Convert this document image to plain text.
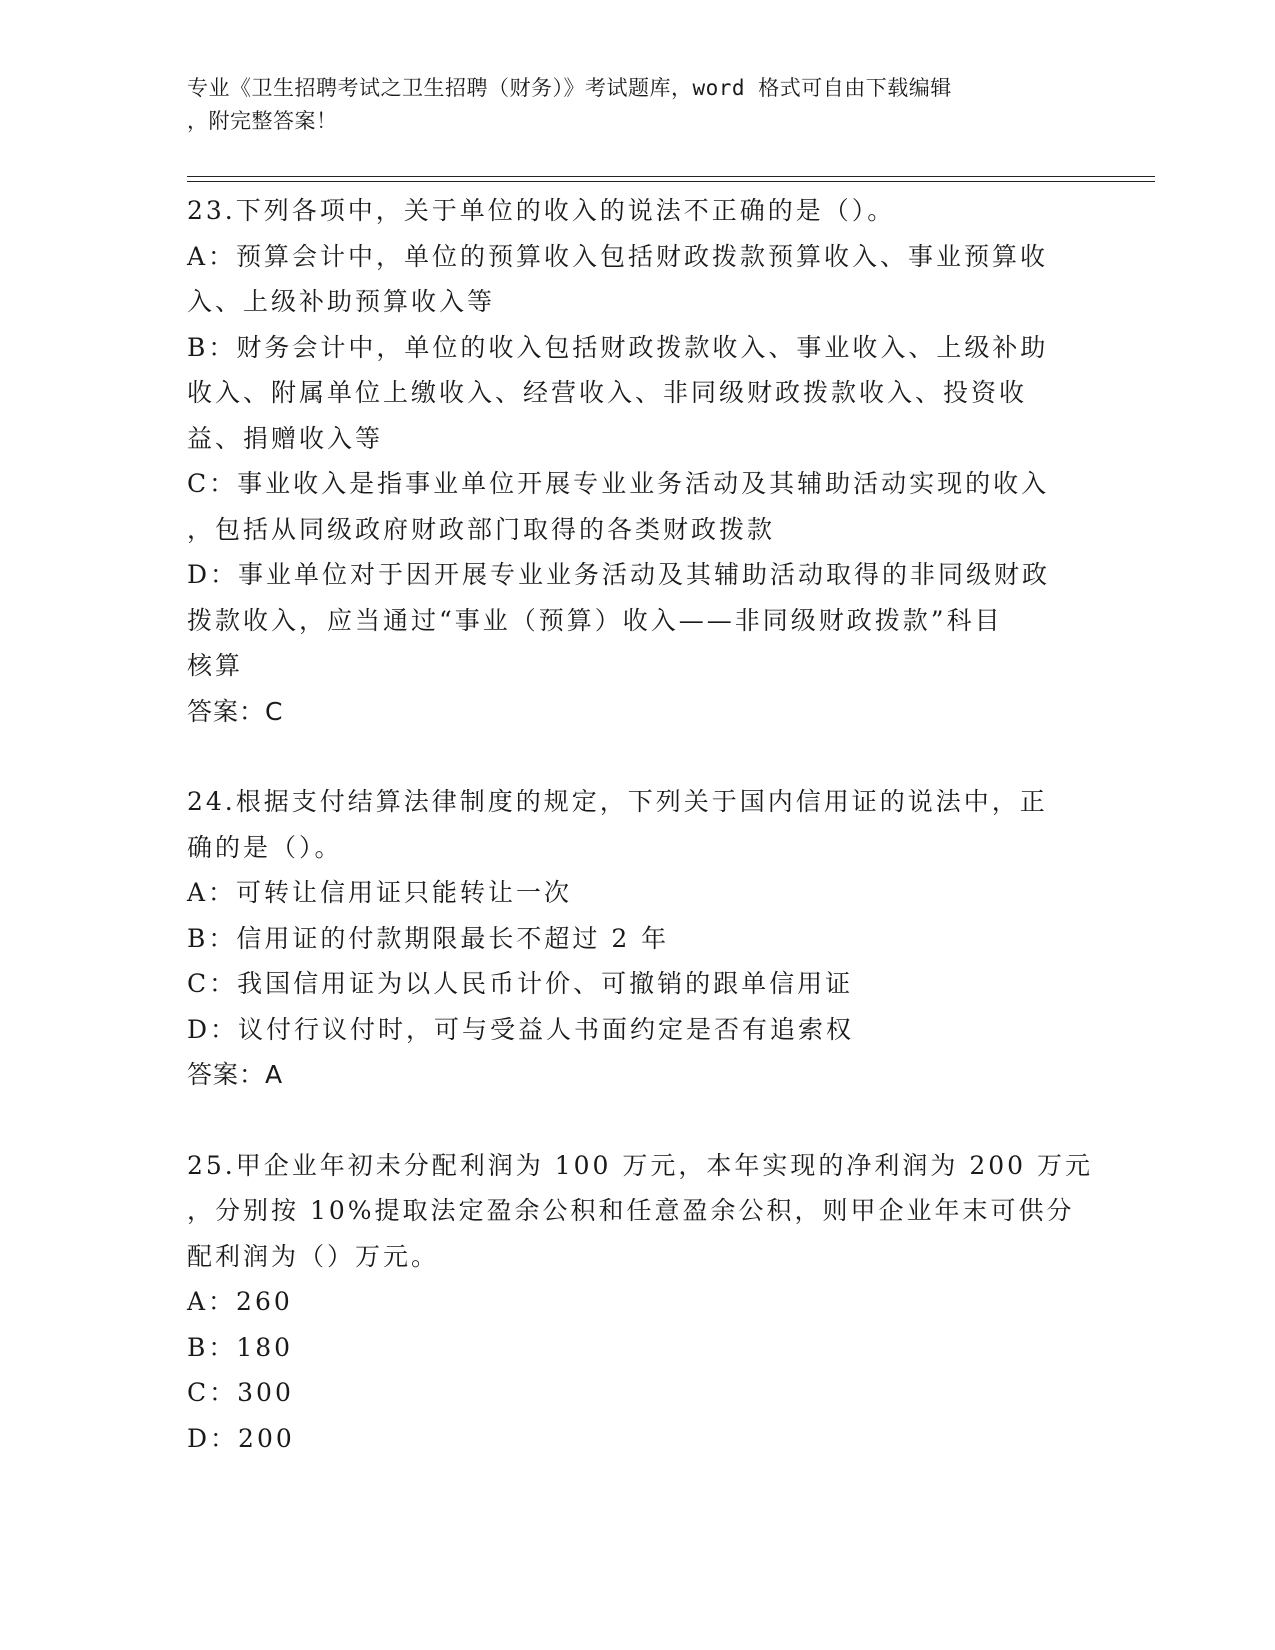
专业《卫生招聘考试之卫生招聘（财务）》考试题库，word 格式可自由下载编辑
，附完整答案！
23.下列各项中，关于单位的收入的说法不正确的是（）。
A：预算会计中，单位的预算收入包括财政拨款预算收入、事业预算收
入、上级补助预算收入等
B：财务会计中，单位的收入包括财政拨款收入、事业收入、上级补助
收入、附属单位上缴收入、经营收入、非同级财政拨款收入、投资收
益、捐赠收入等
C：事业收入是指事业单位开展专业业务活动及其辅助活动实现的收入
，包括从同级政府财政部门取得的各类财政拨款
D：事业单位对于因开展专业业务活动及其辅助活动取得的非同级财政
拨款收入，应当通过“事业（预算）收入——非同级财政拨款”科目
核算
答案：C
24.根据支付结算法律制度的规定，下列关于国内信用证的说法中，正
确的是（）。
A：可转让信用证只能转让一次
B：信用证的付款期限最长不超过 2 年
C：我国信用证为以人民币计价、可撤销的跟单信用证
D：议付行议付时，可与受益人书面约定是否有追索权
答案：A
25.甲企业年初未分配利润为 100 万元，本年实现的净利润为 200 万元
，分别按 10%提取法定盈余公积和任意盈余公积，则甲企业年末可供分
配利润为（）万元。
A：260
B：180
C：300
D：200
